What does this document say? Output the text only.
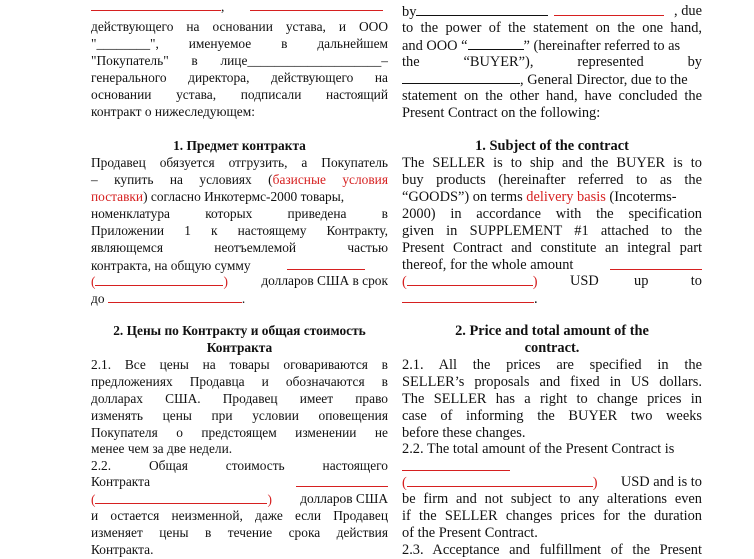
,
действующего на основании устава, и ООО
"________", именуемое в дальнейшем
"Покупатель" в лице____________________–
генерального директора, действующего на
основании устава, подписали настоящий
контракт о нижеследующем:
1. Предмет контракта
Продавец обязуется отгрузить, а Покупатель
– купить на условиях (базисные условия
поставки) согласно Инкотермс-2000 товары,
номенклатура которых приведена в
Приложении 1 к настоящему Контракту,
являющемся неотъемлемой частью
контракта, на общую сумму
(	) долларов США в срок
до	.
2. Цены по Контракту и общая стоимость
Контракта
2.1. Все цены на товары оговариваются в
предложениях Продавца и обозначаются в
долларах США. Продавец имеет право
изменять цены при условии оповещения
Покупателя о предстоящем изменении не
менее чем за две недели.
2.2. Общая стоимость настоящего
Контракта
(	) долларов США
и остается неизменной, даже если Продавец
изменяет цены в течение срока действия
Контракта.
by	, due
to the power of the statement on the one hand,
and OOO “	” (hereinafter referred to as
the “BUYER”), represented by
, General Director, due to the
statement on the other hand, have concluded the
Present Contract on the following:
1. Subject of the contract
The SELLER is to ship and the BUYER is to
buy products (hereinafter referred to as the
“GOODS”) on terms delivery basis (Incoterms-
2000) in accordance with the specification
given in SUPPLEMENT #1 attached to the
Present Contract and constitute an integral part
thereof, for the whole amount
(	) USD up	to
.
2. Price and total amount of the
contract.
2.1. All the prices are specified in the
SELLER’s proposals and fixed in US dollars.
The SELLER has a right to change prices in
case of informing the BUYER two weeks
before these changes.
2.2. The total amount of the Present Contract is
(	) USD and is to
be firm and not subject to any alterations even
if the SELLER changes prices for the duration
of the Present Contract.
2.3. Acceptance and fulfillment of the Present
